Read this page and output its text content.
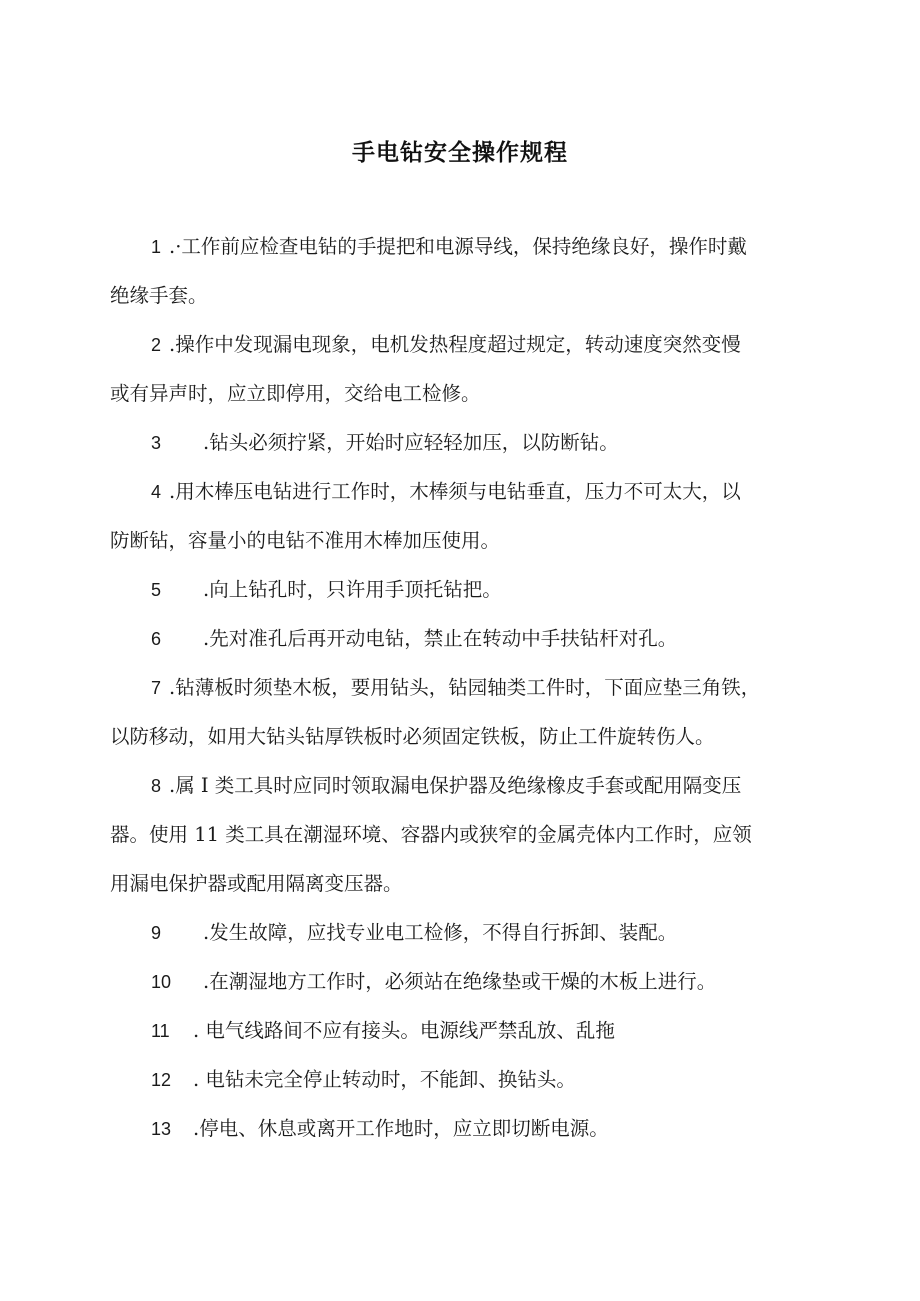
手电钻安全操作规程
1 .·工作前应检查电钻的手提把和电源导线，保持绝缘良好，操作时戴
绝缘手套。
2 .操作中发现漏电现象，电机发热程度超过规定，转动速度突然变慢
或有异声时，应立即停用，交给电工检修。
3 .钻头必须拧紧，开始时应轻轻加压，以防断钻。
4 .用木棒压电钻进行工作时，木棒须与电钻垂直，压力不可太大，以
防断钻，容量小的电钻不准用木棒加压使用。
5 .向上钻孔时，只许用手顶托钻把。
6 .先对准孔后再开动电钻，禁止在转动中手扶钻杆对孔。
7 .钻薄板时须垫木板，要用钻头，钻园轴类工件时，下面应垫三角铁，
以防移动，如用大钻头钻厚铁板时必须固定铁板，防止工件旋转伤人。
8 .属 I 类工具时应同时领取漏电保护器及绝缘橡皮手套或配用隔变压
器。使用 11 类工具在潮湿环境、容器内或狭窄的金属壳体内工作时，应领
用漏电保护器或配用隔离变压器。
9 .发生故障，应找专业电工检修，不得自行拆卸、装配。
10 .在潮湿地方工作时，必须站在绝缘垫或干燥的木板上进行。
11 . 电气线路间不应有接头。电源线严禁乱放、乱拖
12 . 电钻未完全停止转动时，不能卸、换钻头。
13 .停电、休息或离开工作地时，应立即切断电源。
